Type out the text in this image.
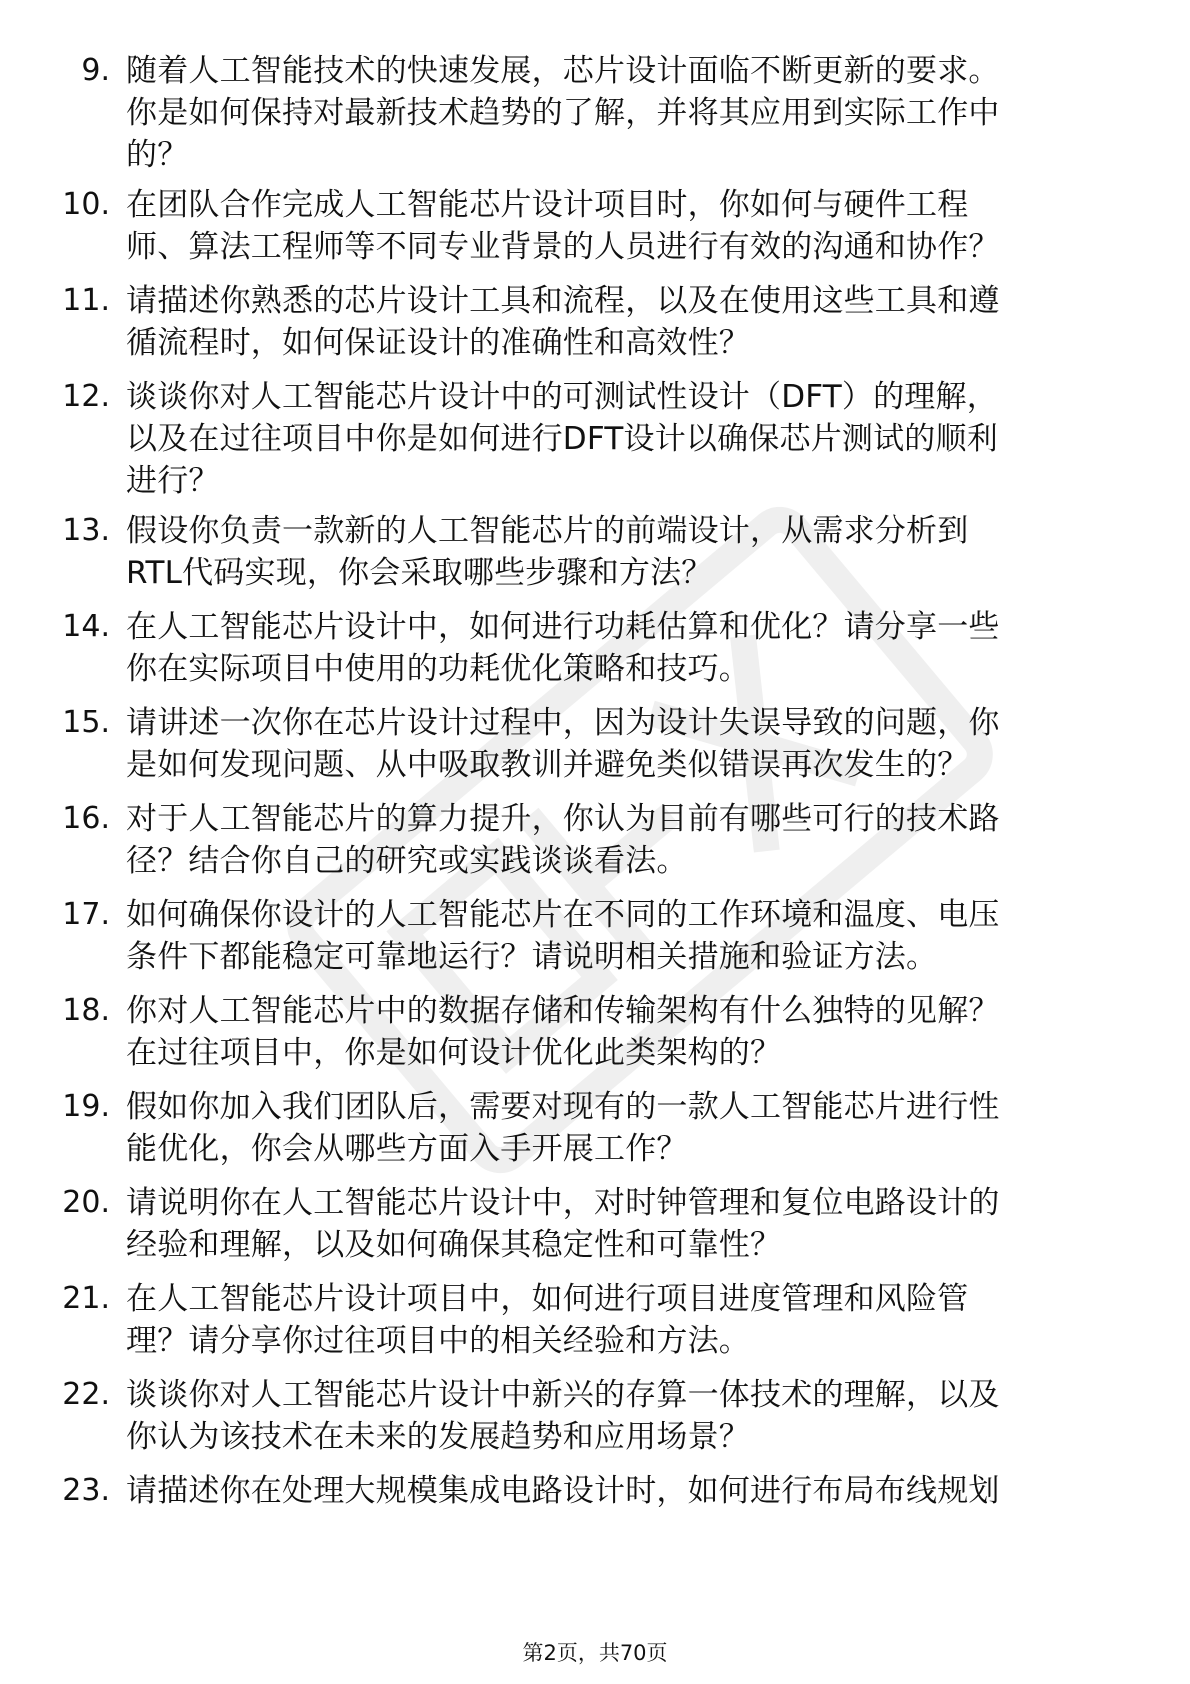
9. 随着人工智能技术的快速发展，芯片设计面临不断更新的要求。
你是如何保持对最新技术趋势的了解，并将其应用到实际工作中
的？
10. 在团队合作完成人工智能芯片设计项目时，你如何与硬件工程
师、算法工程师等不同专业背景的人员进行有效的沟通和协作？
11. 请描述你熟悉的芯片设计工具和流程，以及在使用这些工具和遵
循流程时，如何保证设计的准确性和高效性？
12. 谈谈你对人工智能芯片设计中的可测试性设计（DFT）的理解，
以及在过往项目中你是如何进行DFT设计以确保芯片测试的顺利
进行？
13. 假设你负责一款新的人工智能芯片的前端设计，从需求分析到
RTL代码实现，你会采取哪些步骤和方法？
14. 在人工智能芯片设计中，如何进行功耗估算和优化？请分享一些
你在实际项目中使用的功耗优化策略和技巧。
15. 请讲述一次你在芯片设计过程中，因为设计失误导致的问题，你
是如何发现问题、从中吸取教训并避免类似错误再次发生的？
16. 对于人工智能芯片的算力提升，你认为目前有哪些可行的技术路
径？结合你自己的研究或实践谈谈看法。
17. 如何确保你设计的人工智能芯片在不同的工作环境和温度、电压
条件下都能稳定可靠地运行？请说明相关措施和验证方法。
18. 你对人工智能芯片中的数据存储和传输架构有什么独特的见解？
在过往项目中，你是如何设计优化此类架构的？
19. 假如你加入我们团队后，需要对现有的一款人工智能芯片进行性
能优化，你会从哪些方面入手开展工作？
20. 请说明你在人工智能芯片设计中，对时钟管理和复位电路设计的
经验和理解，以及如何确保其稳定性和可靠性？
21. 在人工智能芯片设计项目中，如何进行项目进度管理和风险管
理？请分享你过往项目中的相关经验和方法。
22. 谈谈你对人工智能芯片设计中新兴的存算一体技术的理解，以及
你认为该技术在未来的发展趋势和应用场景？
23. 请描述你在处理大规模集成电路设计时，如何进行布局布线规划
第2页，共70页
